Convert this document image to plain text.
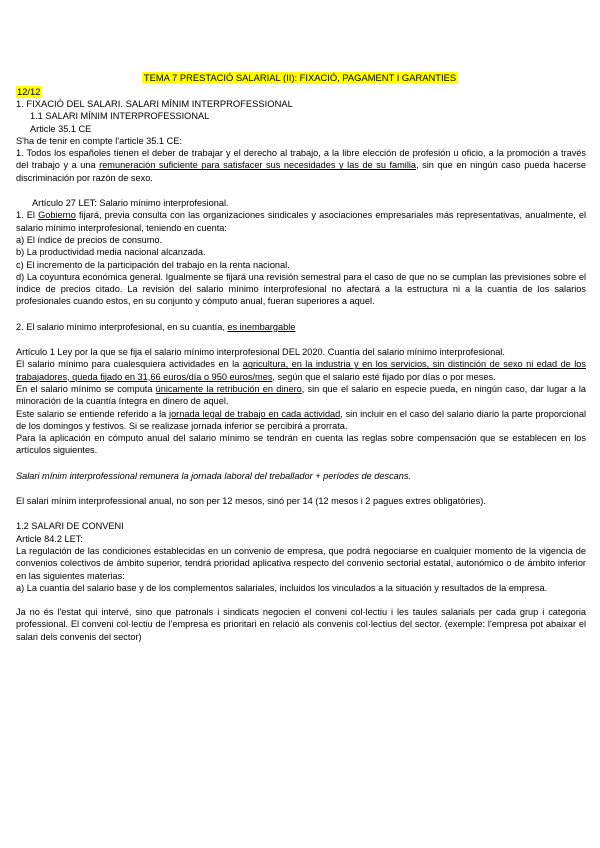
TEMA 7 PRESTACIÓ SALARIAL (II): FIXACIÓ, PAGAMENT I GARANTIES
12/12

1. FIXACIÓ DEL SALARI. SALARI MÍNIM INTERPROFESSIONAL

1.1 SALARI MÍNIM INTERPROFESSIONAL

Article 35.1 CE

S'ha de tenir en compte l'article 35.1 CE:

1. Todos los españoles tienen el deber de trabajar y el derecho al trabajo, a la libre elección de profesión u oficio, a la promoción a través del trabajo y a una remuneración suficiente para satisfacer sus necesidades y las de su familia, sin que en ningún caso pueda hacerse discriminación por razón de sexo.

Artículo 27 LET: Salario mínimo interprofesional.

1. El Gobierno fijará, previa consulta con las organizaciones sindicales y asociaciones empresariales más representativas, anualmente, el salario mínimo interprofesional, teniendo en cuenta:

a) El índice de precios de consumo.

b) La productividad media nacional alcanzada.

c) El incremento de la participación del trabajo en la renta nacional.

d) La coyuntura económica general. Igualmente se fijará una revisión semestral para el caso de que no se cumplan las previsiones sobre el índice de precios citado. La revisión del salario mínimo interprofesional no afectará a la estructura ni a la cuantía de los salarios profesionales cuando estos, en su conjunto y cómputo anual, fueran superiores a aquel.

2. El salario mínimo interprofesional, en su cuantía, es inembargable

Artículo 1 Ley por la que se fija el salario mínimo interprofesional DEL 2020. Cuantía del salario mínimo interprofesional.

El salario mínimo para cualesquiera actividades en la agricultura, en la industria y en los servicios, sin distinción de sexo ni edad de los trabajadores, queda fijado en 31,66 euros/día o 950 euros/mes, según que el salario esté fijado por días o por meses.

En el salario mínimo se computa únicamente la retribución en dinero, sin que el salario en especie pueda, en ningún caso, dar lugar a la minoración de la cuantía íntegra en dinero de aquel.

Este salario se entiende referido a la jornada legal de trabajo en cada actividad, sin incluir en el caso del salario diario la parte proporcional de los domingos y festivos. Si se realizase jornada inferior se percibirá a prorrata.

Para la aplicación en cómputo anual del salario mínimo se tendrán en cuenta las reglas sobre compensación que se establecen en los artículos siguientes.

Salari mínim interprofessional remunera la jornada laboral del treballador + períodes de descans.

El salari mínim interprofessional anual, no son per 12 mesos, sinó per 14 (12 mesos i 2 pagues extres obligatòries).

1.2 SALARI DE CONVENI

Article 84.2 LET:

La regulación de las condiciones establecidas en un convenio de empresa, que podrá negociarse en cualquier momento de la vigencia de convenios colectivos de ámbito superior, tendrá prioridad aplicativa respecto del convenio sectorial estatal, autonómico o de ámbito inferior en las siguientes materias:

a) La cuantía del salario base y de los complementos salariales, incluidos los vinculados a la situación y resultados de la empresa.

Ja no és l'estat qui intervé, sino que patronals i sindicats negocien el conveni col·lectiu i les taules salarials per cada grup i categoria professional. El conveni col·lectiu de l'empresa es prioritari en relació als convenis col·lectius del sector. (exemple: l'empresa pot abaixar el salari dels convenis del sector)
